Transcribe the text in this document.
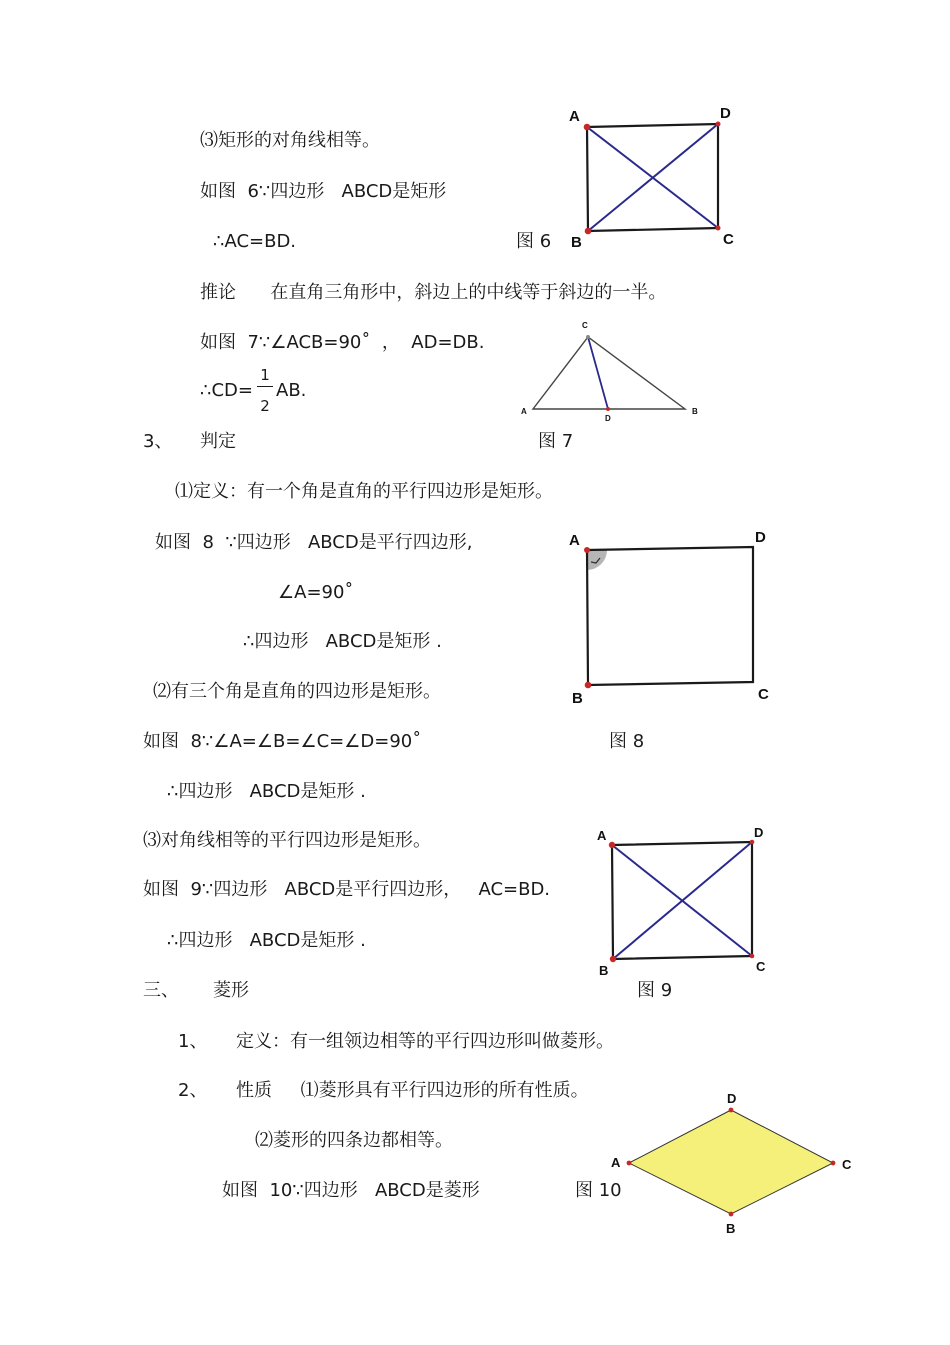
⑶矩形的对角线相等。
如图  6∵四边形   ABCD是矩形
∴AC=BD.	图 6
推论      在直角三角形中，斜边上的中线等于斜边的一半。
如图  7∵∠ACB=90˚  ，  AD=DB.
∴CD=
1
2
AB.
3、 判定	图 7
⑴定义：有一个角是直角的平行四边形是矩形。
如图  8  ∵四边形   ABCD是平行四边形,
∠A=90˚
∴四边形   ABCD是矩形 .
⑵有三个角是直角的四边形是矩形。
如图  8∵∠A=∠B=∠C=∠D=90˚	图 8
∴四边形   ABCD是矩形 .
⑶对角线相等的平行四边形是矩形。
如图  9∵四边形   ABCD是平行四边形，   AC=BD.
∴四边形   ABCD是矩形 .
三、 菱形	图 9
1、 定义：有一组领边相等的平行四边形叫做菱形。
2、 性质     ⑴菱形具有平行四边形的所有性质。
⑵菱形的四条边都相等。
如图  10∵四边形   ABCD是菱形	图 10
A	D
B	C
C
A	B
D
A	D
B	C
A	D
B	C
A
D
C
B
